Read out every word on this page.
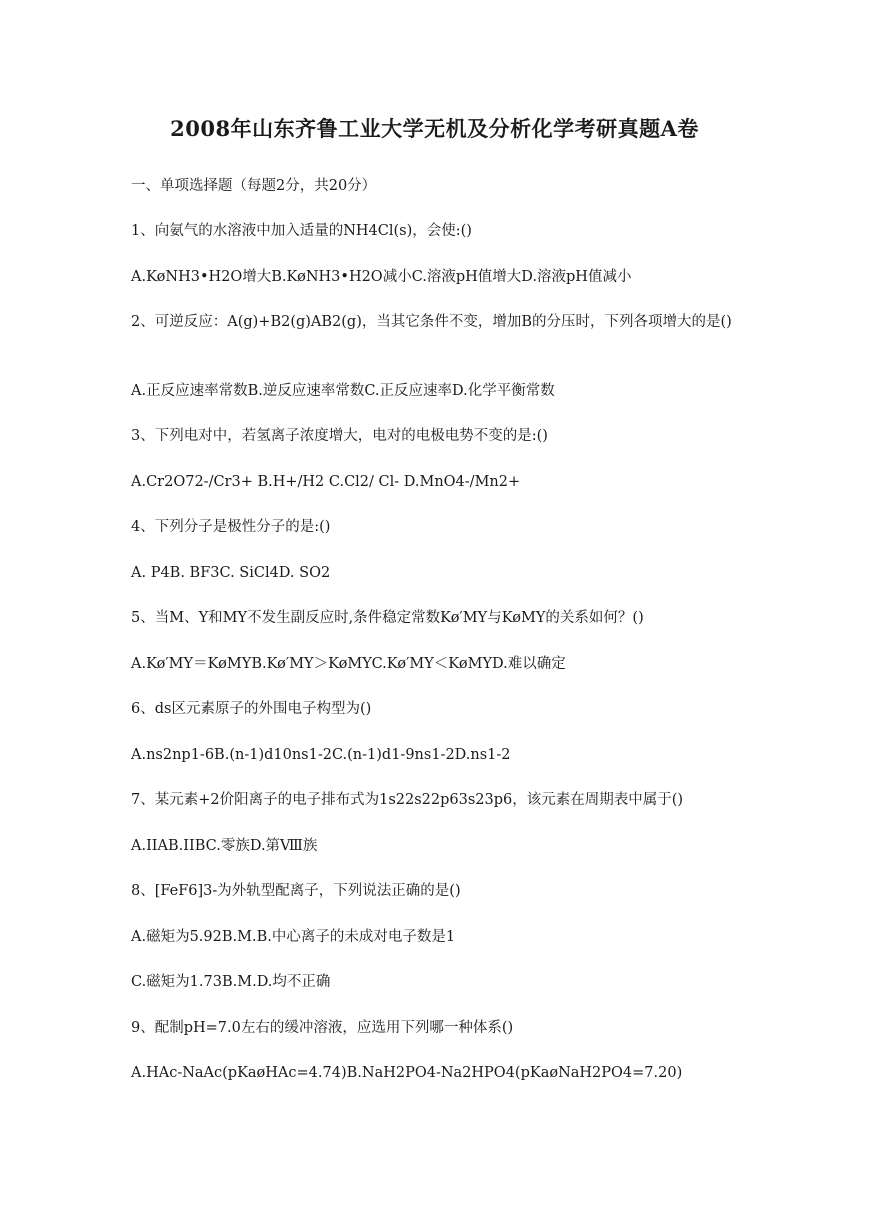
2008年山东齐鲁工业大学无机及分析化学考研真题A卷
一、单项选择题（每题2分，共20分）
1、向氨气的水溶液中加入适量的NH4Cl(s)，会使:()
A.KøNH3•H2O增大B.KøNH3•H2O减小C.溶液pH值增大D.溶液pH值减小
2、可逆反应：A(g)+B2(g)AB2(g)，当其它条件不变，增加B的分压时，下列各项增大的是()
A.正反应速率常数B.逆反应速率常数C.正反应速率D.化学平衡常数
3、下列电对中，若氢离子浓度增大，电对的电极电势不变的是:()
A.Cr2O72-/Cr3+ B.H+/H2 C.Cl2/ Cl- D.MnO4-/Mn2+
4、下列分子是极性分子的是:()
A. P4B. BF3C. SiCl4D. SO2
5、当M、Y和MY不发生副反应时,条件稳定常数Kø′MY与KøMY的关系如何？()
A.Kø′MY＝KøMYB.Kø′MY＞KøMYC.Kø′MY＜KøMYD.难以确定
6、ds区元素原子的外围电子构型为()
A.ns2np1-6B.(n-1)d10ns1-2C.(n-1)d1-9ns1-2D.ns1-2
7、某元素+2价阳离子的电子排布式为1s22s22p63s23p6，该元素在周期表中属于()
A.IIAB.IIBC.零族D.第Ⅷ族
8、[FeF6]3-为外轨型配离子，下列说法正确的是()
A.磁矩为5.92B.M.B.中心离子的未成对电子数是1
C.磁矩为1.73B.M.D.均不正确
9、配制pH=7.0左右的缓冲溶液，应选用下列哪一种体系()
A.HAc-NaAc(pKaøHAc=4.74)B.NaH2PO4-Na2HPO4(pKaøNaH2PO4=7.20)
